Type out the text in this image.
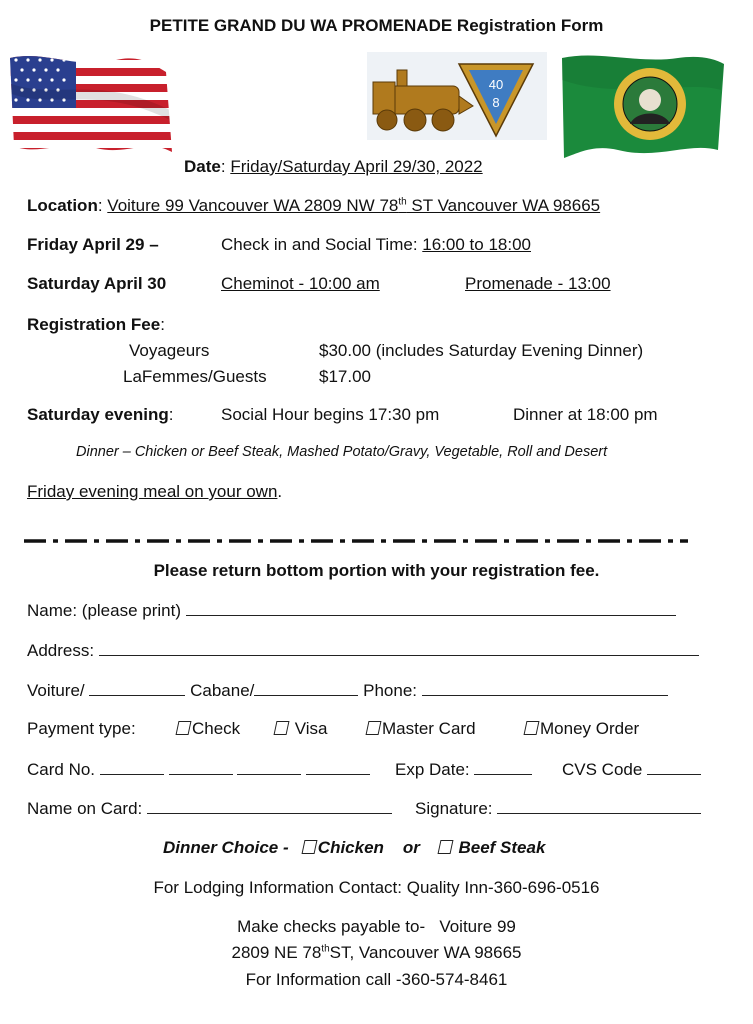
PETITE GRAND DU WA PROMENADE Registration Form
40
8
Date: Friday/Saturday April 29/30, 2022
Location: Voiture 99 Vancouver WA 2809 NW 78th ST Vancouver WA 98665
Friday April 29 –	Check in and Social Time: 16:00 to 18:00
Saturday April 30	Cheminot - 10:00 am	Promenade - 13:00
Registration Fee:
Voyageurs	$30.00 (includes Saturday Evening Dinner)
LaFemmes/Guests	$17.00
Saturday evening:	Social Hour begins 17:30 pm	Dinner at 18:00 pm
Dinner – Chicken or Beef Steak, Mashed Potato/Gravy, Vegetable, Roll and Desert
Friday evening meal on your own.
Please return bottom portion with your registration fee.
Name: (please print)
Address:
Voiture/	Cabane/	Phone:
Payment type:	Check	Visa	Master Card	Money Order
Card No.	Exp Date:	CVS Code
Name on Card:	Signature:
Dinner Choice - Chicken or Beef Steak
For Lodging Information Contact: Quality Inn-360-696-0516
Make checks payable to-   Voiture 99
2809 NE 78thST, Vancouver WA 98665
For Information call -360-574-8461
